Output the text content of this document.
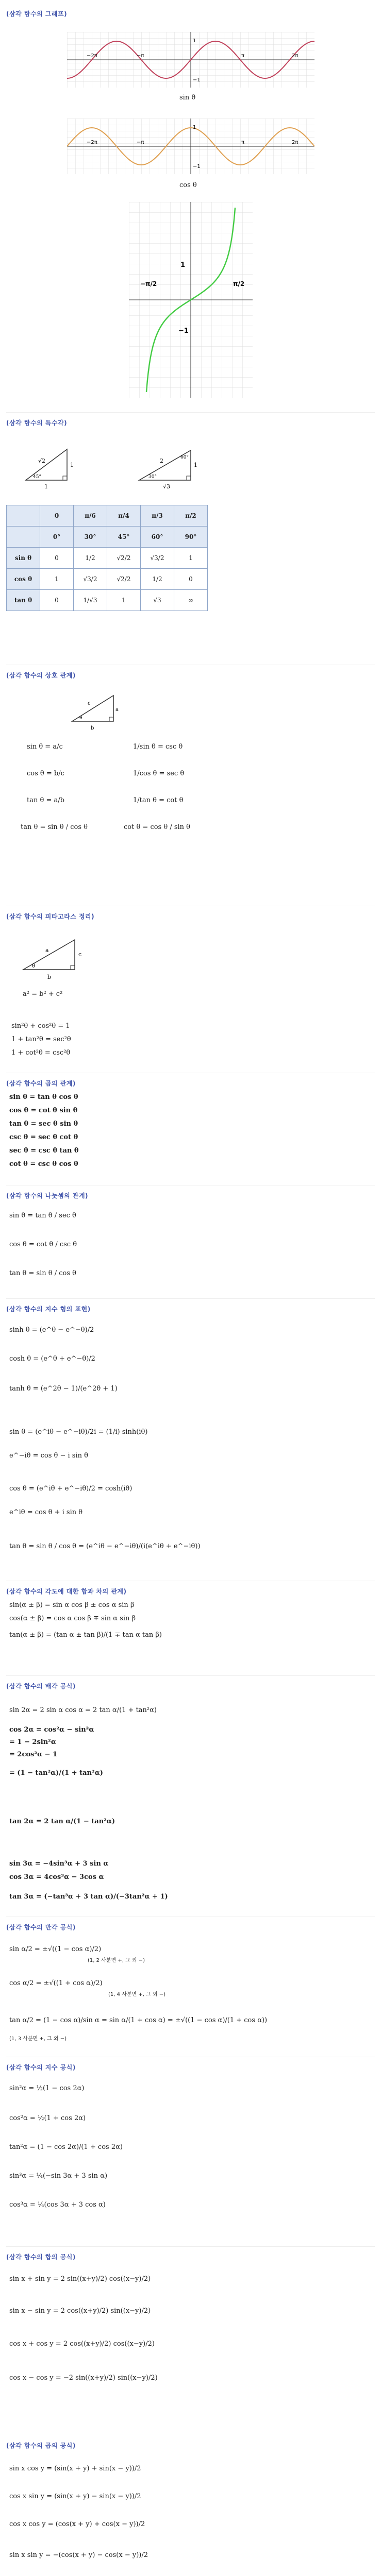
(삼각 함수의 그래프)
−2π	−π	π	2π
1
−1
sin θ
−2π	−π	π	2π
1
−1
cos θ
−π/2	π/2
1
−1
(삼각 함수의 특수각)
√2
1
1
45°
2
1
√3
30°
60°
	0	π/6	π/4	π/3	π/2
	0°	30°	45°	60°	90°
sin θ	0	1/2	√2/2	√3/2	1
cos θ	1	√3/2	√2/2	1/2	0
tan θ	0	1/√3	1	√3	∞
(삼각 함수의 상호 관계)
b
a
c
θ
sin θ = a/c
cos θ = b/c
tan θ = a/b
tan θ = sin θ / cos θ
1/sin θ = csc θ
1/cos θ = sec θ
1/tan θ = cot θ
cot θ = cos θ / sin θ
(삼각 함수의 피타고라스 정리)
a
b
c
θ
a² = b² + c²
sin²θ + cos²θ = 1
1 + tan²θ = sec²θ
1 + cot²θ = csc²θ
(삼각 함수의 곱의 관계)
sin θ = tan θ cos θ
cos θ = cot θ sin θ
tan θ = sec θ sin θ
csc θ = sec θ cot θ
sec θ = csc θ tan θ
cot θ = csc θ cos θ
(삼각 함수의 나눗셈의 관계)
sin θ = tan θ / sec θ
cos θ = cot θ / csc θ
tan θ = sin θ / cos θ
(삼각 함수의 지수 형의 표현)
sinh θ = (e^θ − e^−θ)/2
cosh θ = (e^θ + e^−θ)/2
tanh θ = (e^2θ − 1)/(e^2θ + 1)
sin θ = (e^iθ − e^−iθ)/2i = (1/i) sinh(iθ)
e^−iθ = cos θ − i sin θ
cos θ = (e^iθ + e^−iθ)/2 = cosh(iθ)
e^iθ = cos θ + i sin θ
tan θ = sin θ / cos θ = (e^iθ − e^−iθ)/(i(e^iθ + e^−iθ))
(삼각 함수의 각도에 대한 합과 차의 관계)
sin(α ± β) = sin α cos β ± cos α sin β
cos(α ± β) = cos α cos β ∓ sin α sin β
tan(α ± β) = (tan α ± tan β)/(1 ∓ tan α tan β)
(삼각 함수의 배각 공식)
sin 2α = 2 sin α cos α = 2 tan α/(1 + tan²α)
cos 2α = cos²α − sin²α
= 1 − 2sin²α
= 2cos²α − 1
= (1 − tan²α)/(1 + tan²α)
tan 2α = 2 tan α/(1 − tan²α)
sin 3α = −4sin³α + 3 sin α
cos 3α = 4cos³α − 3cos α
tan 3α = (−tan³α + 3 tan α)/(−3tan²α + 1)
(삼각 함수의 반각 공식)
sin α/2 = ±√((1 − cos α)/2)
(1, 2 사분면 +, 그 외 −)
cos α/2 = ±√((1 + cos α)/2)
(1, 4 사분면 +, 그 외 −)
tan α/2 = (1 − cos α)/sin α = sin α/(1 + cos α) = ±√((1 − cos α)/(1 + cos α))
(1, 3 사분면 +, 그 외 −)
(삼각 함수의 지수 공식)
sin²α = ½(1 − cos 2α)
cos²α = ½(1 + cos 2α)
tan²α = (1 − cos 2α)/(1 + cos 2α)
sin³α = ¼(−sin 3α + 3 sin α)
cos³α = ¼(cos 3α + 3 cos α)
(삼각 함수의 합의 공식)
sin x + sin y = 2 sin((x+y)/2) cos((x−y)/2)
sin x − sin y = 2 cos((x+y)/2) sin((x−y)/2)
cos x + cos y = 2 cos((x+y)/2) cos((x−y)/2)
cos x − cos y = −2 sin((x+y)/2) sin((x−y)/2)
(삼각 함수의 곱의 공식)
sin x cos y = (sin(x + y) + sin(x − y))/2
cos x sin y = (sin(x + y) − sin(x − y))/2
cos x cos y = (cos(x + y) + cos(x − y))/2
sin x sin y = −(cos(x + y) − cos(x − y))/2
